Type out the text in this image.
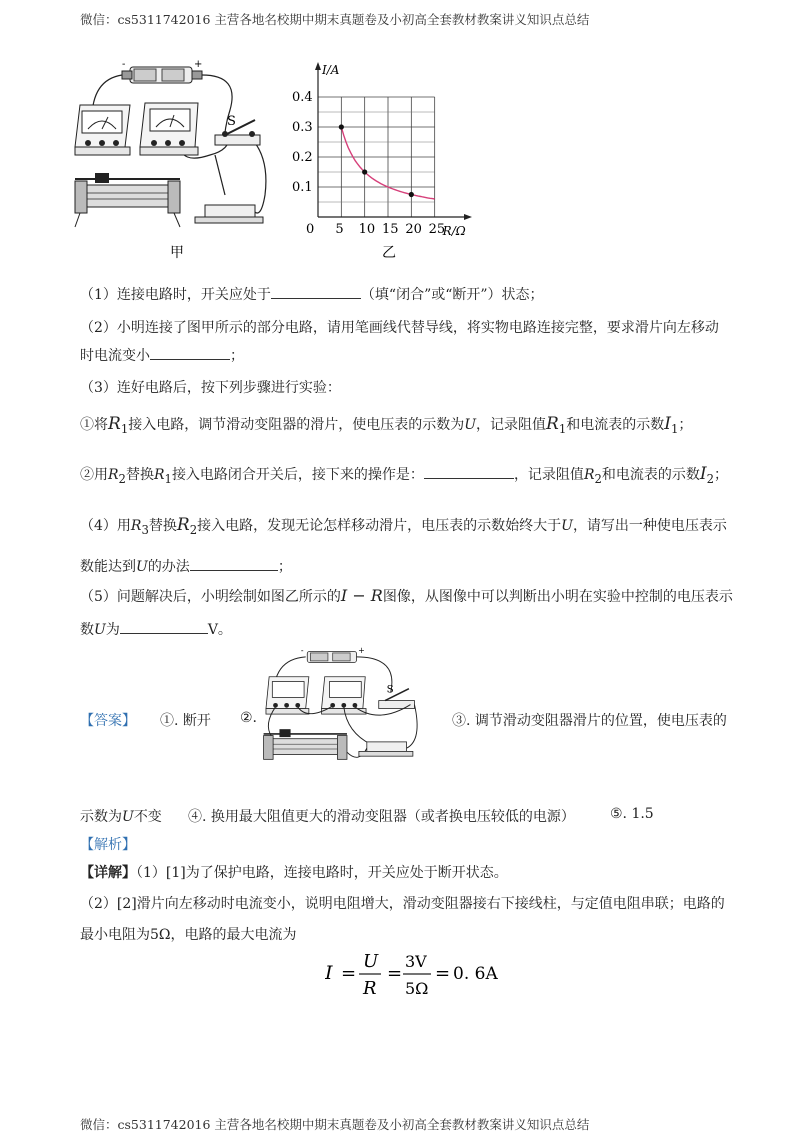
微信：cs5311742016 主营各地名校期中期末真题卷及小初高全套教材教案讲义知识点总结
-	+
S
甲
0 5 10 15 20 25
0.1
0.2
0.3
0.4
I/A
R/Ω
乙
（1）连接电路时，开关应处于	（填“闭合”或“断开”）状态；
（2）小明连接了图甲所示的部分电路，请用笔画线代替导线，将实物电路连接完整，要求滑片向左移动
时电流变小	；
（3）连好电路后，按下列步骤进行实验：
①将$R_1$接入电路，调节滑动变阻器的滑片，使电压表的示数为U，记录阻值$R_1$和电流表的示数$I_1$；
②用$R_2$替换$R_1$接入电路闭合开关后，接下来的操作是：	，记录阻值$R_2$和电流表的示数$I_2$；
（4）用$R_3$替换$R_2$接入电路，发现无论怎样移动滑片，电压表的示数始终大于U，请写出一种使电压表示
数能达到U的办法	；
（5）问题解决后，小明绘制如图乙所示的I − R图像，从图像中可以判断出小明在实验中控制的电压表示
数U为	V。
【答案】 ①. 断开 ②.
-	+
S
③. 调节滑动变阻器滑片的位置，使电压表的
示数为U不变 ④. 换用最大阻值更大的滑动变阻器（或者换电压较低的电源）	⑤. 1.5
【解析】
【详解】（1）[1]为了保护电路，连接电路时，开关应处于断开状态。
（2）[2]滑片向左移动时电流变小，说明电阻增大，滑动变阻器接右下接线柱，与定值电阻串联；电路的
最小电阻为5Ω，电路的最大电流为
I =
U
R
=
3V
5Ω
= 0. 6A
微信：cs5311742016 主营各地名校期中期末真题卷及小初高全套教材教案讲义知识点总结
